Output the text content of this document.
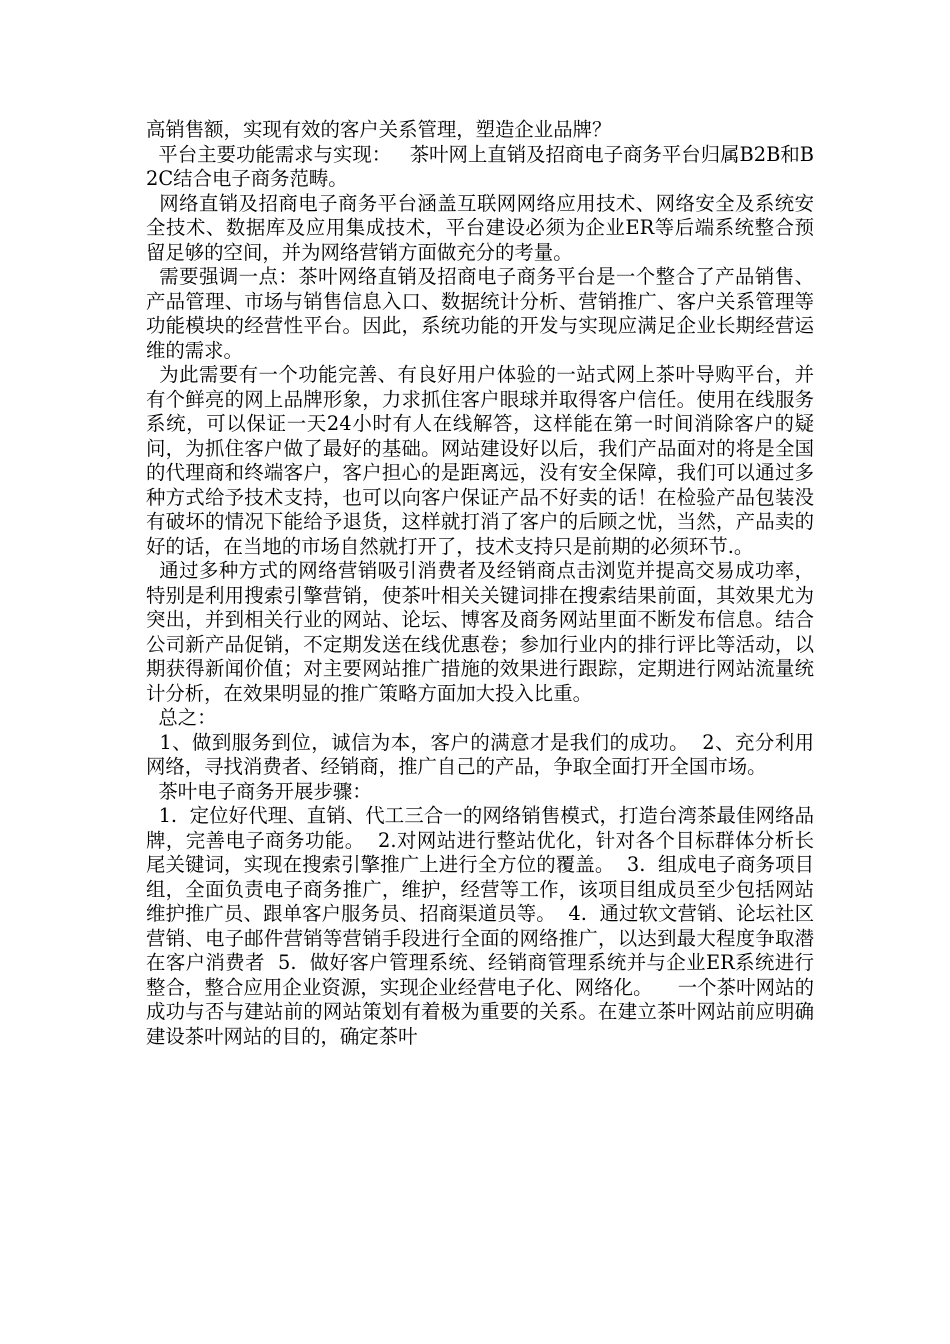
高销售额，实现有效的客户关系管理，塑造企业品牌？

平台主要功能需求与实现：   茶叶网上直销及招商电子商务平台归属B2B和B2C结合电子商务范畴。

网络直销及招商电子商务平台涵盖互联网网络应用技术、网络安全及系统安全技术、数据库及应用集成技术，平台建设必须为企业ER等后端系统整合预留足够的空间，并为网络营销方面做充分的考量。

需要强调一点：茶叶网络直销及招商电子商务平台是一个整合了产品销售、产品管理、市场与销售信息入口、数据统计分析、营销推广、客户关系管理等功能模块的经营性平台。因此，系统功能的开发与实现应满足企业长期经营运维的需求。

为此需要有一个功能完善、有良好用户体验的一站式网上茶叶导购平台，并有个鲜亮的网上品牌形象，力求抓住客户眼球并取得客户信任。使用在线服务系统，可以保证一天24小时有人在线解答，这样能在第一时间消除客户的疑问，为抓住客户做了最好的基础。网站建设好以后，我们产品面对的将是全国的代理商和终端客户，客户担心的是距离远，没有安全保障，我们可以通过多种方式给予技术支持，也可以向客户保证产品不好卖的话！在检验产品包装没有破坏的情况下能给予退货，这样就打消了客户的后顾之忧，当然，产品卖的好的话，在当地的市场自然就打开了，技术支持只是前期的必须环节.。

通过多种方式的网络营销吸引消费者及经销商点击浏览并提高交易成功率，特别是利用搜索引擎营销，使茶叶相关关键词排在搜索结果前面，其效果尤为突出，并到相关行业的网站、论坛、博客及商务网站里面不断发布信息。结合公司新产品促销，不定期发送在线优惠卷；参加行业内的排行评比等活动，以期获得新闻价值；对主要网站推广措施的效果进行跟踪，定期进行网站流量统计分析，在效果明显的推广策略方面加大投入比重。

总之：

1、做到服务到位，诚信为本，客户的满意才是我们的成功。  2、充分利用网络，寻找消费者、经销商，推广自己的产品，争取全面打开全国市场。

茶叶电子商务开展步骤：

1.  定位好代理、直销、代工三合一的网络销售模式，打造台湾茶最佳网络品牌，完善电子商务功能。  2.对网站进行整站优化，针对各个目标群体分析长尾关键词，实现在搜索引擎推广上进行全方位的覆盖。  3.  组成电子商务项目组，全面负责电子商务推广，维护，经营等工作，该项目组成员至少包括网站维护推广员、跟单客户服务员、招商渠道员等。  4.  通过软文营销、论坛社区营销、电子邮件营销等营销手段进行全面的网络推广，以达到最大程度争取潜在客户消费者  5.  做好客户管理系统、经销商管理系统并与企业ER系统进行整合，整合应用企业资源，实现企业经营电子化、网络化。    一个茶叶网站的成功与否与建站前的网站策划有着极为重要的关系。在建立茶叶网站前应明确建设茶叶网站的目的，确定茶叶
